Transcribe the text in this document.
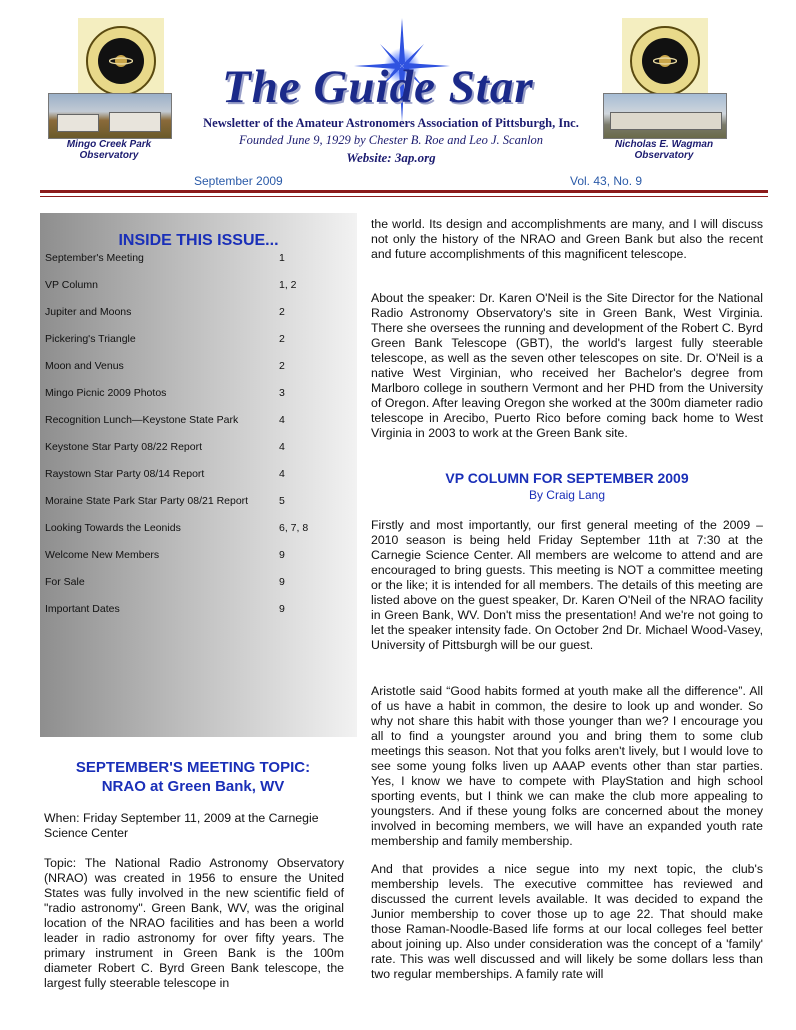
Mingo Creek Park
Observatory
Nicholas E. Wagman
Observatory
The Guide Star
Newsletter of the Amateur Astronomers Association of Pittsburgh, Inc.
Founded June 9, 1929 by Chester B. Roe and Leo J. Scanlon
Website: 3ap.org
September 2009	Vol. 43, No. 9
INSIDE THIS ISSUE...
September's Meeting	1
VP Column	1, 2
Jupiter and Moons	2
Pickering's Triangle	2
Moon and Venus	2
Mingo Picnic 2009 Photos	3
Recognition Lunch—Keystone State Park	4
Keystone Star Party 08/22 Report	4
Raystown Star Party 08/14 Report	4
Moraine State Park Star Party 08/21 Report	5
Looking Towards the Leonids	6, 7, 8
Welcome New Members	9
For Sale	9
Important Dates	9
SEPTEMBER'S MEETING TOPIC:
NRAO at Green Bank, WV
When: Friday September 11, 2009 at the Carnegie Science Center
Topic: The National Radio Astronomy Observatory (NRAO) was created in 1956 to ensure the United States was fully involved in the new scientific field of "radio astronomy". Green Bank, WV, was the original location of the NRAO facilities and has been a world leader in radio astronomy for over fifty years. The primary instrument in Green Bank is the 100m diameter Robert C. Byrd Green Bank telescope, the largest fully steerable telescope in
the world. Its design and accomplishments are many, and I will discuss not only the history of the NRAO and Green Bank but also the recent and future accomplishments of this magnificent telescope.
About the speaker: Dr. Karen O'Neil is the Site Director for the National Radio Astronomy Observatory's site in Green Bank, West Virginia. There she oversees the running and development of the Robert C. Byrd Green Bank Telescope (GBT), the world's largest fully steerable telescope, as well as the seven other telescopes on site. Dr. O'Neil is a native West Virginian, who received her Bachelor's degree from Marlboro college in southern Vermont and her PHD from the University of Oregon. After leaving Oregon she worked at the 300m diameter radio telescope in Arecibo, Puerto Rico before coming back home to West Virginia in 2003 to work at the Green Bank site.
VP COLUMN FOR SEPTEMBER 2009
By Craig Lang
Firstly and most importantly, our first general meeting of the 2009 – 2010 season is being held Friday September 11th at 7:30 at the Carnegie Science Center. All members are welcome to attend and are encouraged to bring guests. This meeting is NOT a committee meeting or the like; it is intended for all members. The details of this meeting are listed above on the guest speaker, Dr. Karen O'Neil of the NRAO facility in Green Bank, WV. Don't miss the presentation! And we're not going to let the speaker intensity fade. On October 2nd Dr. Michael Wood-Vasey, University of Pittsburgh will be our guest.
Aristotle said “Good habits formed at youth make all the difference”. All of us have a habit in common, the desire to look up and wonder. So why not share this habit with those younger than we? I encourage you all to find a youngster around you and bring them to some club meetings this season. Not that you folks aren't lively, but I would love to see some young folks liven up AAAP events other than star parties. Yes, I know we have to compete with PlayStation and high school sporting events, but I think we can make the club more appealing to youngsters. And if these young folks are concerned about the money involved in becoming members, we will have an expanded youth rate membership and family membership.
And that provides a nice segue into my next topic, the club's membership levels. The executive committee has reviewed and discussed the current levels available. It was decided to expand the Junior membership to cover those up to age 22. That should make those Raman-Noodle-Based life forms at our local colleges feel better about joining up. Also under consideration was the concept of a 'family' rate. This was well discussed and will likely be some dollars less than two regular memberships. A family rate will
